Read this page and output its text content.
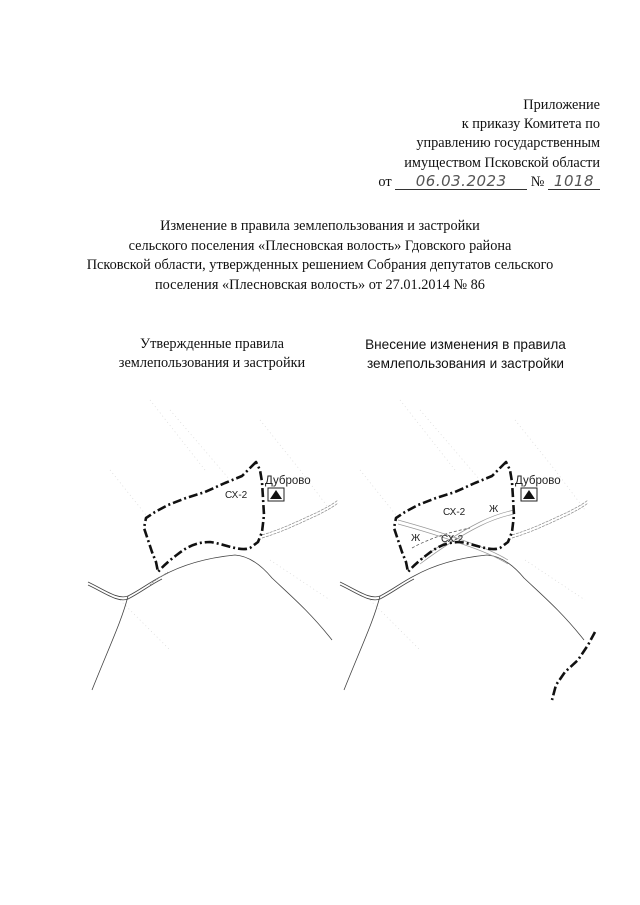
Приложение
к приказу Комитета по
управлению государственным
имуществом Псковской области
от 06.03.2023 № 1018
Изменение в правила землепользования и застройки
сельского поселения «Плесновская волость» Гдовского района
Псковской области, утвержденных решением Собрания депутатов сельского
поселения «Плесновская волость» от 27.01.2014 № 86
Утвержденные правила
землепользования и застройки
Внесение изменения в правила
землепользования и застройки
Дуброво
СХ-2
Дуброво
СХ-2
СХ-2
Ж
Ж
